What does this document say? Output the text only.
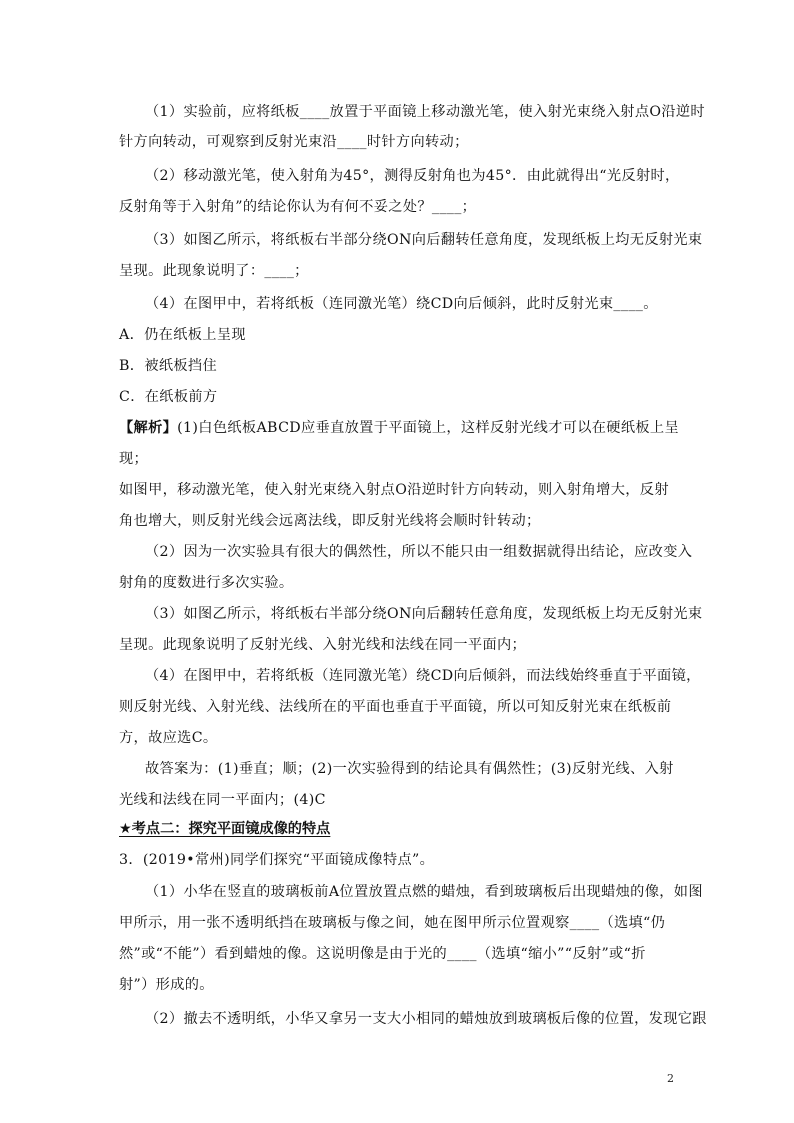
（1）实验前，应将纸板____放置于平面镜上移动激光笔，使入射光束绕入射点O沿逆时

针方向转动，可观察到反射光束沿____时针方向转动；

（2）移动激光笔，使入射角为45°，测得反射角也为45°．由此就得出“光反射时，

反射角等于入射角”的结论你认为有何不妥之处？____；

（3）如图乙所示，将纸板右半部分绕ON向后翻转任意角度，发现纸板上均无反射光束

呈现。此现象说明了：____；

（4）在图甲中，若将纸板（连同激光笔）绕CD向后倾斜，此时反射光束____。

A．仍在纸板上呈现

B．被纸板挡住

C．在纸板前方

【解析】(1)白色纸板ABCD应垂直放置于平面镜上，这样反射光线才可以在硬纸板上呈

现；

如图甲，移动激光笔，使入射光束绕入射点O沿逆时针方向转动，则入射角增大，反射

角也增大，则反射光线会远离法线，即反射光线将会顺时针转动；

（2）因为一次实验具有很大的偶然性，所以不能只由一组数据就得出结论，应改变入

射角的度数进行多次实验。

（3）如图乙所示，将纸板右半部分绕ON向后翻转任意角度，发现纸板上均无反射光束

呈现。此现象说明了反射光线、入射光线和法线在同一平面内；

（4）在图甲中，若将纸板（连同激光笔）绕CD向后倾斜，而法线始终垂直于平面镜，

则反射光线、入射光线、法线所在的平面也垂直于平面镜，所以可知反射光束在纸板前

方，故应选C。

故答案为：(1)垂直；顺；(2)一次实验得到的结论具有偶然性；(3)反射光线、入射

光线和法线在同一平面内；(4)C

★考点二：探究平面镜成像的特点

3．(2019•常州)同学们探究“平面镜成像特点”。

（1）小华在竖直的玻璃板前A位置放置点燃的蜡烛，看到玻璃板后出现蜡烛的像，如图

甲所示，用一张不透明纸挡在玻璃板与像之间，她在图甲所示位置观察____（选填“仍

然”或“不能”）看到蜡烛的像。这说明像是由于光的____（选填“缩小”“反射”或“折

射”）形成的。

（2）撤去不透明纸，小华又拿另一支大小相同的蜡烛放到玻璃板后像的位置，发现它跟

2
